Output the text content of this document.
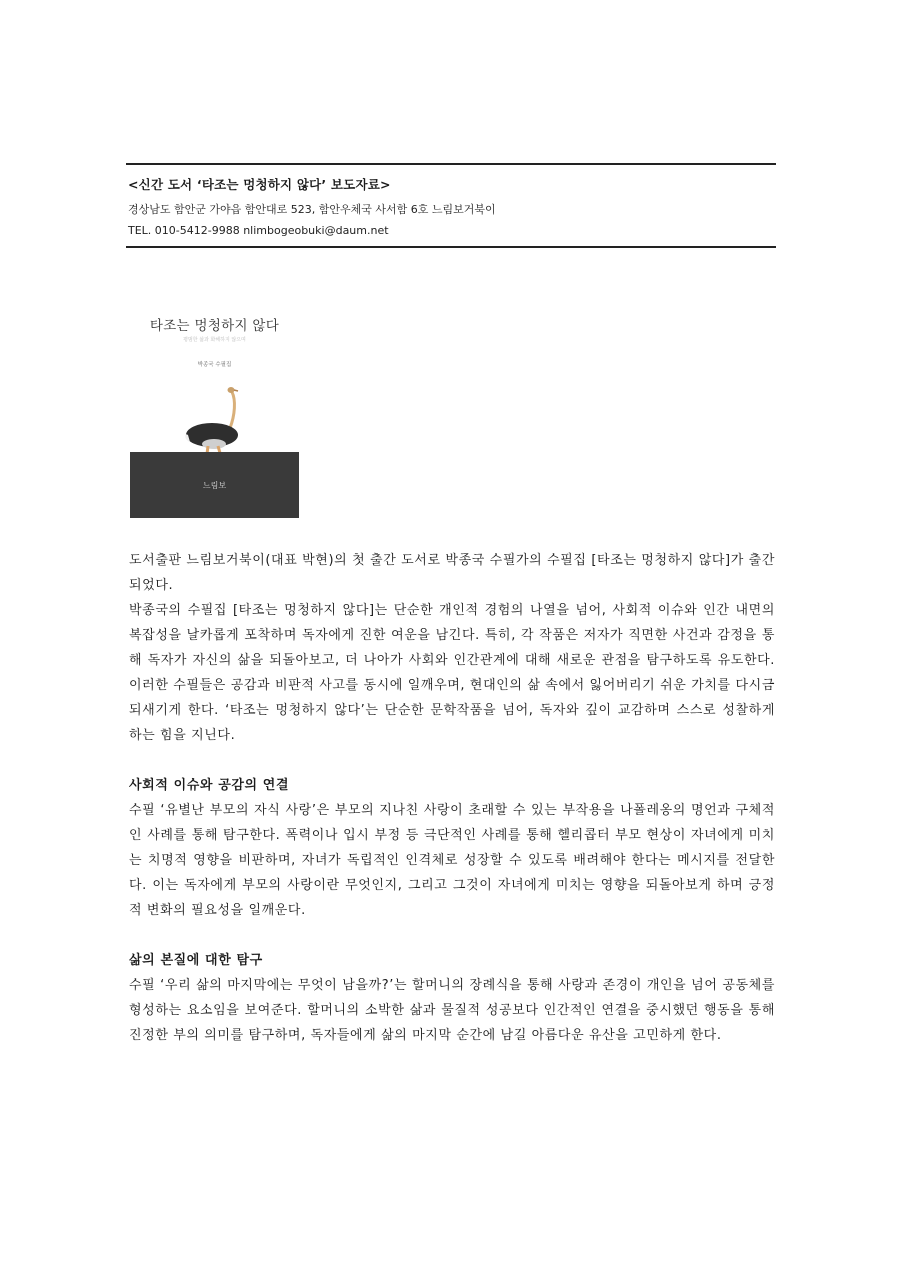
<신간 도서 ‘타조는 멍청하지 않다’ 보도자료>

경상남도 함안군 가야읍 함안대로 523, 함안우체국 사서함 6호 느림보거북이

TEL. 010-5412-9988 nlimbogeobuki@daum.net

타조는 멍청하지 않다
평범한 삶과 화해하지 않으며
박종국 수필집
느림보

도서출판 느림보거북이(대표 박현)의 첫 출간 도서로 박종국 수필가의 수필집 [타조는 멍청하지 않다]가 출간되었다.

박종국의 수필집 [타조는 멍청하지 않다]는 단순한 개인적 경험의 나열을 넘어, 사회적 이슈와 인간 내면의 복잡성을 날카롭게 포착하며 독자에게 진한 여운을 남긴다. 특히, 각 작품은 저자가 직면한 사건과 감정을 통해 독자가 자신의 삶을 되돌아보고, 더 나아가 사회와 인간관계에 대해 새로운 관점을 탐구하도록 유도한다. 이러한 수필들은 공감과 비판적 사고를 동시에 일깨우며, 현대인의 삶 속에서 잃어버리기 쉬운 가치를 다시금 되새기게 한다. ‘타조는 멍청하지 않다’는 단순한 문학작품을 넘어, 독자와 깊이 교감하며 스스로 성찰하게 하는 힘을 지닌다.

사회적 이슈와 공감의 연결

수필 ‘유별난 부모의 자식 사랑’은 부모의 지나친 사랑이 초래할 수 있는 부작용을 나폴레옹의 명언과 구체적인 사례를 통해 탐구한다. 폭력이나 입시 부정 등 극단적인 사례를 통해 헬리콥터 부모 현상이 자녀에게 미치는 치명적 영향을 비판하며, 자녀가 독립적인 인격체로 성장할 수 있도록 배려해야 한다는 메시지를 전달한다. 이는 독자에게 부모의 사랑이란 무엇인지, 그리고 그것이 자녀에게 미치는 영향을 되돌아보게 하며 긍정적 변화의 필요성을 일깨운다.

삶의 본질에 대한 탐구

수필 ‘우리 삶의 마지막에는 무엇이 남을까?’는 할머니의 장례식을 통해 사랑과 존경이 개인을 넘어 공동체를 형성하는 요소임을 보여준다. 할머니의 소박한 삶과 물질적 성공보다 인간적인 연결을 중시했던 행동을 통해 진정한 부의 의미를 탐구하며, 독자들에게 삶의 마지막 순간에 남길 아름다운 유산을 고민하게 한다.
